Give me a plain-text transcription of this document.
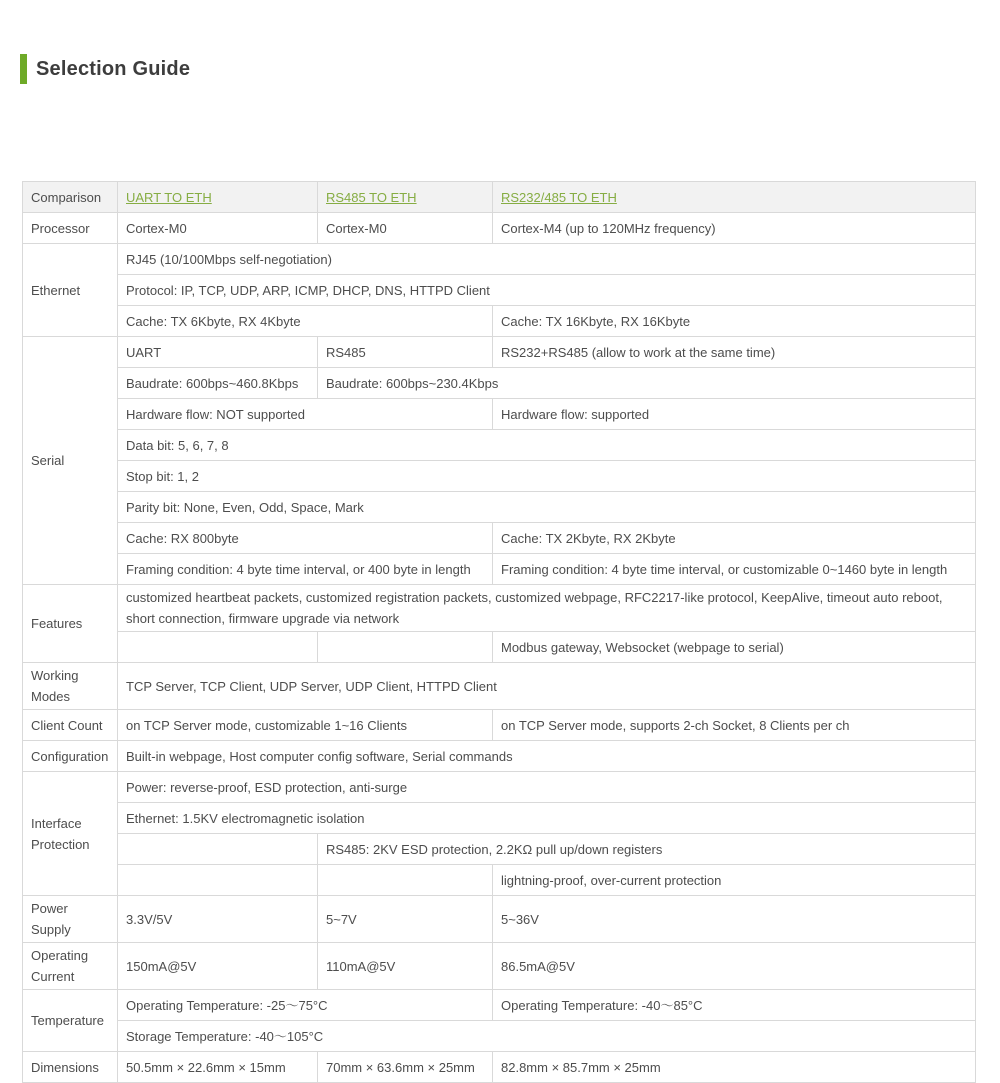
Selection Guide
Comparison	UART TO ETH	RS485 TO ETH	RS232/485 TO ETH
Processor	Cortex-M0	Cortex-M0	Cortex-M4 (up to 120MHz frequency)
Ethernet	RJ45 (10/100Mbps self-negotiation)		
	Protocol: IP, TCP, UDP, ARP, ICMP, DHCP, DNS, HTTPD Client		
	Cache: TX 6Kbyte, RX 4Kbyte		Cache: TX 16Kbyte, RX 16Kbyte
Serial	UART	RS485	RS232+RS485 (allow to work at the same time)
	Baudrate: 600bps~460.8Kbps	Baudrate: 600bps~230.4Kbps	
	Hardware flow: NOT supported		Hardware flow: supported
	Data bit: 5, 6, 7, 8		
	Stop bit: 1, 2		
	Parity bit: None, Even, Odd, Space, Mark		
	Cache: RX 800byte		Cache: TX 2Kbyte, RX 2Kbyte
	Framing condition: 4 byte time interval, or 400 byte in length		Framing condition: 4 byte time interval, or customizable 0~1460 byte in length
Features	customized heartbeat packets, customized registration packets, customized webpage, RFC2217-like protocol, KeepAlive, timeout auto reboot, short connection, firmware upgrade via network		
			Modbus gateway, Websocket (webpage to serial)
Working Modes	TCP Server, TCP Client, UDP Server, UDP Client, HTTPD Client		
Client Count	on TCP Server mode, customizable 1~16 Clients		on TCP Server mode, supports 2-ch Socket, 8 Clients per ch
Configuration	Built-in webpage, Host computer config software, Serial commands		
Interface Protection	Power: reverse-proof, ESD protection, anti-surge		
	Ethernet: 1.5KV electromagnetic isolation		
		RS485: 2KV ESD protection, 2.2KΩ pull up/down registers	
			lightning-proof, over-current protection
Power Supply	3.3V/5V	5~7V	5~36V
Operating Current	150mA@5V	110mA@5V	86.5mA@5V
Temperature	Operating Temperature: -25～75°C		Operating Temperature: -40～85°C
	Storage Temperature: -40～105°C		
Dimensions	50.5mm × 22.6mm × 15mm	70mm × 63.6mm × 25mm	82.8mm × 85.7mm × 25mm
